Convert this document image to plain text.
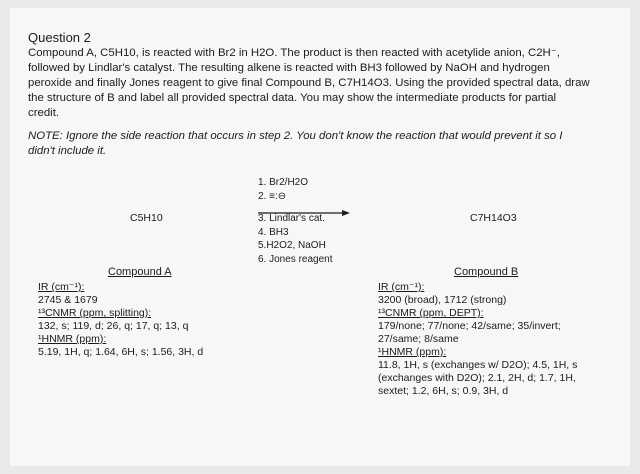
Question 2
Compound A, C5H10, is reacted with Br2 in H2O. The product is then reacted with acetylide anion, C2H⁻,
followed by Lindlar's catalyst. The resulting alkene is reacted with BH3 followed by NaOH and hydrogen
peroxide and finally Jones reagent to give final Compound B, C7H14O3. Using the provided spectral data, draw
the structure of B and label all provided spectral data. You may show the intermediate products for partial
credit.
NOTE: Ignore the side reaction that occurs in step 2. You don't know the reaction that would prevent it so I
didn't include it.
C5H10	C7H14O3
1. Br2/H2O
2. ≡:⊖
3. Lindlar's cat.
4. BH3
5.H2O2, NaOH
6. Jones reagent
Compound A
IR (cm⁻¹):
2745 & 1679
¹³CNMR (ppm, splitting):
132, s; 119, d; 26, q; 17, q; 13, q
¹HNMR (ppm):
5.19, 1H, q; 1.64, 6H, s; 1.56, 3H, d
Compound B
IR (cm⁻¹):
3200 (broad), 1712 (strong)
¹³CNMR (ppm, DEPT):
179/none; 77/none; 42/same; 35/invert;
27/same; 8/same
¹HNMR (ppm):
11.8, 1H, s (exchanges w/ D2O); 4.5, 1H, s
(exchanges with D2O); 2.1, 2H, d; 1.7, 1H,
sextet; 1.2, 6H, s; 0.9, 3H, d
